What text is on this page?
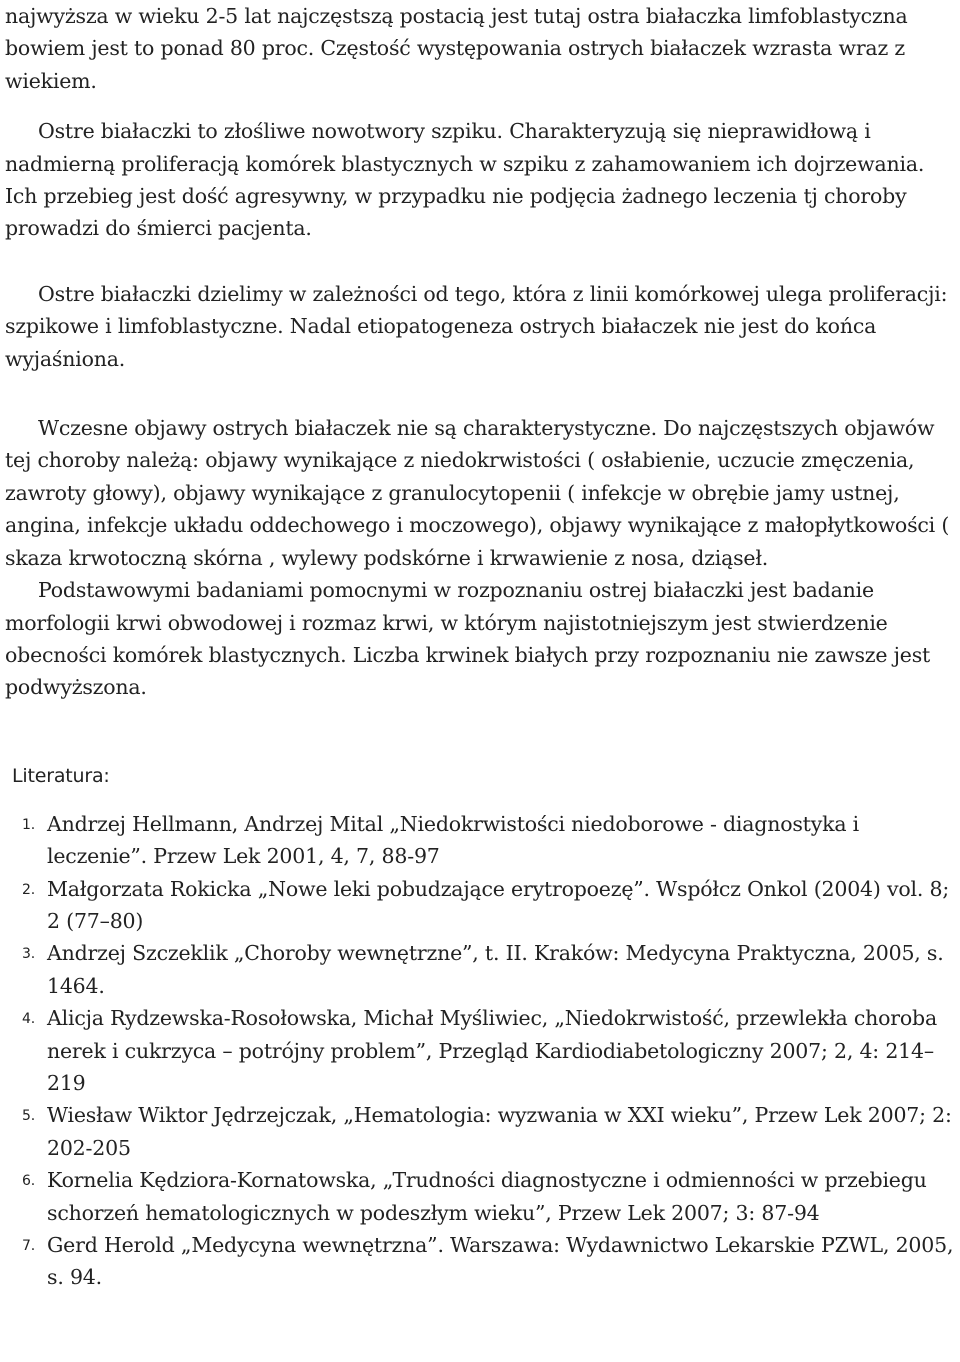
najwyższa w wieku 2-5 lat najczęstszą postacią jest tutaj ostra białaczka limfoblastyczna bowiem jest to ponad 80 proc. Częstość występowania ostrych białaczek wzrasta wraz z wiekiem.

Ostre białaczki to złośliwe nowotwory szpiku. Charakteryzują się nieprawidłową i nadmierną proliferacją komórek blastycznych w szpiku z zahamowaniem ich dojrzewania. Ich przebieg jest dość agresywny, w przypadku nie podjęcia żadnego leczenia tj choroby prowadzi do śmierci pacjenta.

Ostre białaczki dzielimy w zależności od tego, która z linii komórkowej ulega proliferacji: szpikowe i limfoblastyczne. Nadal etiopatogeneza ostrych białaczek nie jest do końca wyjaśniona.

Wczesne objawy ostrych białaczek nie są charakterystyczne. Do najczęstszych objawów tej choroby należą: objawy wynikające z niedokrwistości ( osłabienie, uczucie zmęczenia, zawroty głowy), objawy wynikające z granulocytopenii ( infekcje w obrębie jamy ustnej, angina, infekcje układu oddechowego i moczowego), objawy wynikające z małopłytkowości ( skaza krwotoczną skórna , wylewy podskórne i krwawienie z nosa, dziąseł.

Podstawowymi badaniami pomocnymi w rozpoznaniu ostrej białaczki jest badanie morfologii krwi obwodowej i rozmaz krwi, w którym najistotniejszym jest stwierdzenie obecności komórek blastycznych. Liczba krwinek białych przy rozpoznaniu nie zawsze jest podwyższona.

Literatura:
1. Andrzej Hellmann, Andrzej Mital „Niedokrwistości niedoborowe - diagnostyka i leczenie”. Przew Lek 2001, 4, 7, 88-97
2. Małgorzata Rokicka „Nowe leki pobudzające erytropoezę”. Współcz Onkol (2004) vol. 8; 2 (77–80)
3. Andrzej Szczeklik „Choroby wewnętrzne”, t. II. Kraków: Medycyna Praktyczna, 2005, s. 1464.
4. Alicja Rydzewska-Rosołowska, Michał Myśliwiec, „Niedokrwistość, przewlekła choroba nerek i cukrzyca – potrójny problem”, Przegląd Kardiodiabetologiczny 2007; 2, 4: 214–219
5. Wiesław Wiktor Jędrzejczak, „Hematologia: wyzwania w XXI wieku”, Przew Lek 2007; 2: 202-205
6. Kornelia Kędziora-Kornatowska, „Trudności diagnostyczne i odmienności w przebiegu schorzeń hematologicznych w podeszłym wieku”, Przew Lek 2007; 3: 87-94
7. Gerd Herold „Medycyna wewnętrzna”. Warszawa: Wydawnictwo Lekarskie PZWL, 2005, s. 94.
